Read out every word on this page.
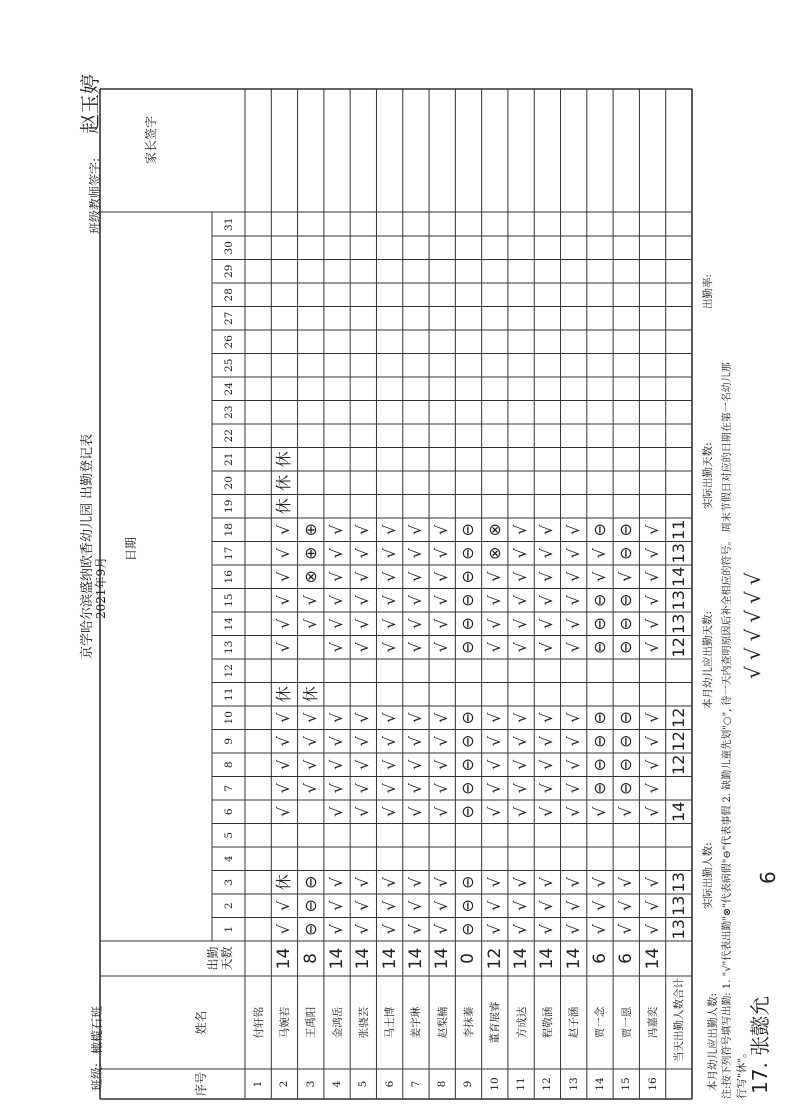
京学哈尔滨盛纳欧香幼儿园 出勤登记表 2021年9月
班级:
橄榄石班
班级教师签字:
赵玉婷
家长签字
日期
序号
姓名
出勤天数
1
2
3
4
5
6
7
8
9
10
11
12
13
14
15
16
17
18
19
20
21
22
23
24
25
26
27
28
29
30
31
1
付轩铭
2
马婉若
14
√
√
休
√
√
√
√
√
休
√
√
√
√
√
√
休
休
休
3
王禹阳
8
⊖
⊖
⊖
√
√
√
√
休
√
√
⊗
⊕
⊕
4
金鸿岳
14
√
√
√
√
√
√
√
√
√
√
√
√
√
√
5
张骁芸
14
√
√
√
√
√
√
√
√
√
√
√
√
√
√
6
马士博
14
√
√
√
√
√
√
√
√
√
√
√
√
√
√
7
姜宇琳
14
√
√
√
√
√
√
√
√
√
√
√
√
√
√
8
赵梨楠
14
√
√
√
√
√
√
√
√
√
√
√
√
√
√
9
李抹蓁
0
⊖
⊖
⊖
⊖
⊖
⊖
⊖
⊖
⊖
⊖
⊖
⊖
⊖
⊖
10
董育展睿
12
√
√
√
√
√
√
√
√
√
√
√
√
⊗
⊗
11
方成达
14
√
√
√
√
√
√
√
√
√
√
√
√
√
√
12
程敬涵
14
√
√
√
√
√
√
√
√
√
√
√
√
√
√
13
赵子涵
14
√
√
√
√
√
√
√
√
√
√
√
√
√
√
14
贾一念
6
√
√
√
√
⊖
⊖
⊖
⊖
⊖
⊖
⊖
√
√
⊖
15
贾一恩
6
√
√
√
√
⊖
⊖
⊖
⊖
⊖
⊖
⊖
√
⊖
⊖
16
冯嘉奕
14
√
√
√
√
√
√
√
√
√
√
√
√
√
√
当天出勤人数合计
13
13
13
14
12
12
12
12
13
13
14
13
11
本月幼儿应出勤人数:
实际出勤人数:
本月幼儿应出勤天数:
实际出勤天数:
出勤率:
注:按下列符号填写出勤: 1. "√"代表出勤"⊗"代表病假"⊖"代表事假 2. 缺勤儿童先划"○", 待一天内查明原因后补全相应的符号。 周末节假日对应的日期在第一名幼儿那 行写"休"。 17. 张懿允
6
√√√√√√
